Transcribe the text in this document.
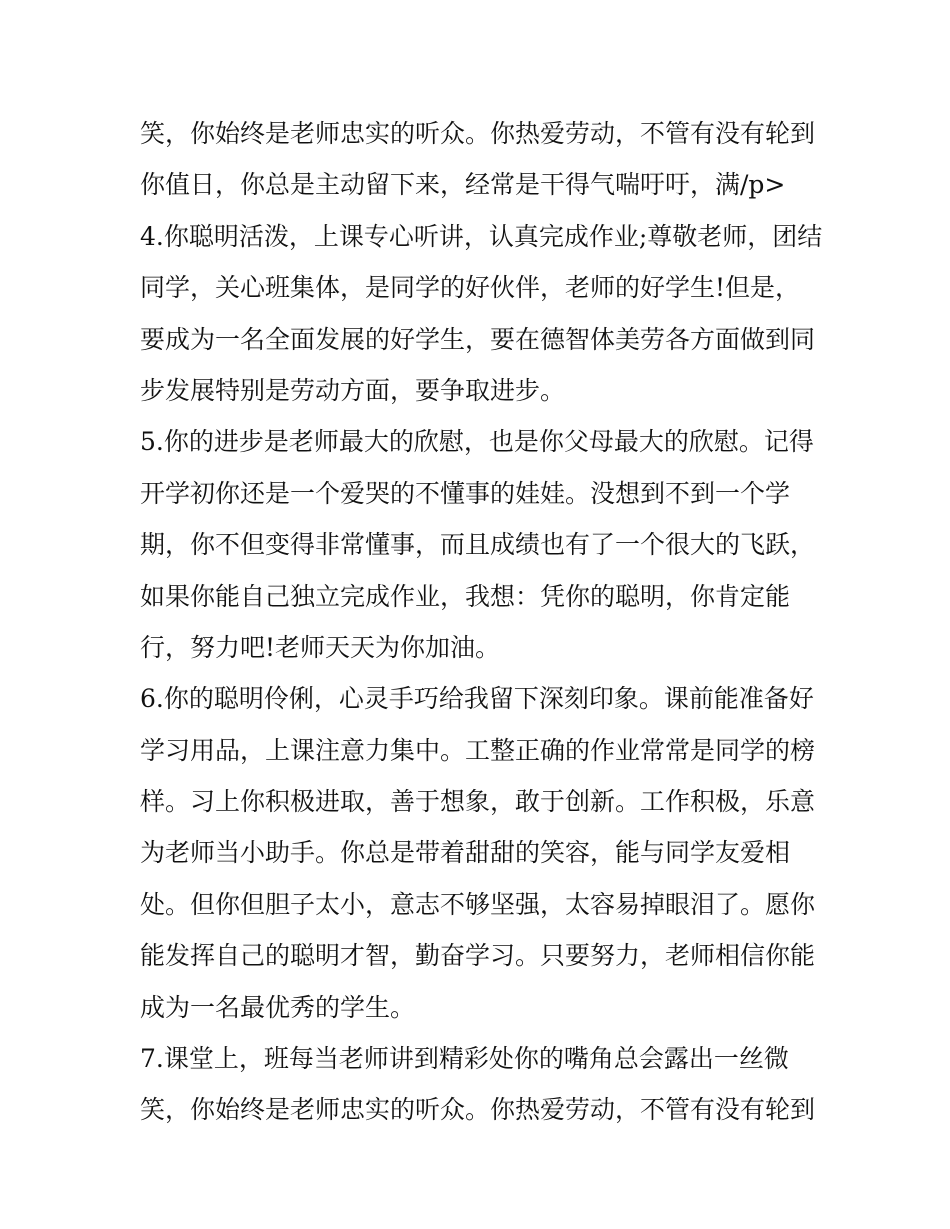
笑，你始终是老师忠实的听众。你热爱劳动，不管有没有轮到
你值日，你总是主动留下来，经常是干得气喘吁吁，满/p>
4.你聪明活泼，上课专心听讲，认真完成作业;尊敬老师，团结
同学，关心班集体，是同学的好伙伴，老师的好学生!但是，
要成为一名全面发展的好学生，要在德智体美劳各方面做到同
步发展特别是劳动方面，要争取进步。
5.你的进步是老师最大的欣慰，也是你父母最大的欣慰。记得
开学初你还是一个爱哭的不懂事的娃娃。没想到不到一个学
期，你不但变得非常懂事，而且成绩也有了一个很大的飞跃，
如果你能自己独立完成作业，我想：凭你的聪明，你肯定能
行，努力吧!老师天天为你加油。
6.你的聪明伶俐，心灵手巧给我留下深刻印象。课前能准备好
学习用品，上课注意力集中。工整正确的作业常常是同学的榜
样。习上你积极进取，善于想象，敢于创新。工作积极，乐意
为老师当小助手。你总是带着甜甜的笑容，能与同学友爱相
处。但你但胆子太小，意志不够坚强，太容易掉眼泪了。愿你
能发挥自己的聪明才智，勤奋学习。只要努力，老师相信你能
成为一名最优秀的学生。
7.课堂上，班每当老师讲到精彩处你的嘴角总会露出一丝微
笑，你始终是老师忠实的听众。你热爱劳动，不管有没有轮到
